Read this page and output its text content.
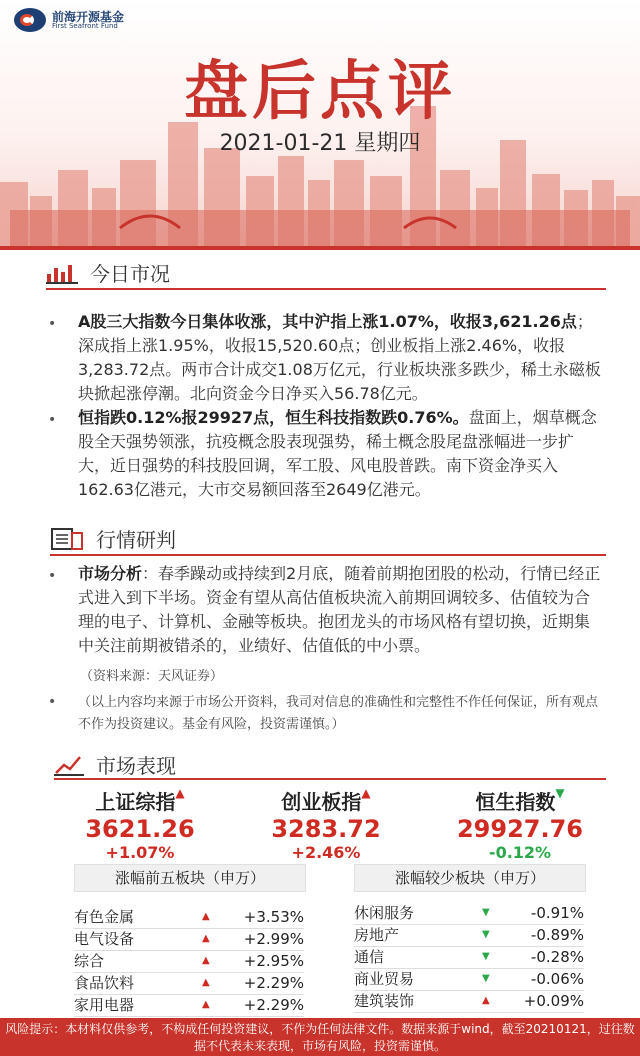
前海开源基金
First Seafront Fund
盘后点评
2021-01-21 星期四
今日市况
• A股三大指数今日集体收涨，其中沪指上涨1.07%，收报3,621.26点；深成指上涨1.95%，收报15,520.60点；创业板指上涨2.46%，收报3,283.72点。两市合计成交1.08万亿元，行业板块涨多跌少，稀土永磁板块掀起涨停潮。北向资金今日净买入56.78亿元。
• 恒指跌0.12%报29927点，恒生科技指数跌0.76%。盘面上，烟草概念股全天强势领涨，抗疫概念股表现强势，稀土概念股尾盘涨幅进一步扩大，近日强势的科技股回调，军工股、风电股普跌。南下资金净买入162.63亿港元，大市交易额回落至2649亿港元。
行情研判
• 市场分析：春季躁动或持续到2月底，随着前期抱团股的松动，行情已经正式进入到下半场。资金有望从高估值板块流入前期回调较多、估值较为合理的电子、计算机、金融等板块。抱团龙头的市场风格有望切换，近期集中关注前期被错杀的，业绩好、估值低的中小票。
（资料来源：天风证券）
• （以上内容均来源于市场公开资料，我司对信息的准确性和完整性不作任何保证，所有观点不作为投资建议。基金有风险，投资需谨慎。）
市场表现
上证综指▲
3621.26
+1.07%
创业板指▲
3283.72
+2.46%
恒生指数▼
29927.76
-0.12%
涨幅前五板块（申万）	涨幅较少板块（申万）
有色金属	▲ +3.53%
电气设备	▲ +2.99%
综合	▲ +2.95%
食品饮料	▲ +2.29%
家用电器	▲ +2.29%
休闲服务	▼	-0.91%
房地产	▼	-0.89%
通信	▼	-0.28%
商业贸易	▼	-0.06%
建筑装饰	▲ +0.09%
风险提示：本材料仅供参考，不构成任何投资建议，不作为任何法律文件。数据来源于wind，截至20210121，过往数据不代表未来表现，市场有风险，投资需谨慎。
